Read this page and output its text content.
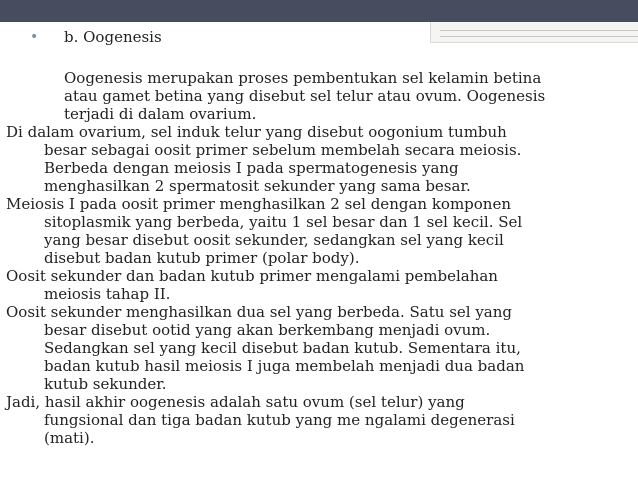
• b. Oogenesis
Oogenesis merupakan proses pembentukan sel kelamin betina
atau gamet betina yang disebut sel telur atau ovum. Oogenesis
terjadi di dalam ovarium.
Di dalam ovarium, sel induk telur yang disebut oogonium tumbuh
besar sebagai oosit primer sebelum membelah secara meiosis.
Berbeda dengan meiosis I pada spermatogenesis yang
menghasilkan 2 spermatosit sekunder yang sama besar.
Meiosis I pada oosit primer menghasilkan 2 sel dengan komponen
sitoplasmik yang berbeda, yaitu 1 sel besar dan 1 sel kecil. Sel
yang besar disebut oosit sekunder, sedangkan sel yang kecil
disebut badan kutub primer (polar body).
Oosit sekunder dan badan kutub primer mengalami pembelahan
meiosis tahap II.
Oosit sekunder menghasilkan dua sel yang berbeda. Satu sel yang
besar disebut ootid yang akan berkembang menjadi ovum.
Sedangkan sel yang kecil disebut badan kutub. Sementara itu,
badan kutub hasil meiosis I juga membelah menjadi dua badan
kutub sekunder.
Jadi, hasil akhir oogenesis adalah satu ovum (sel telur) yang
fungsional dan tiga badan kutub yang me ngalami degenerasi
(mati).
